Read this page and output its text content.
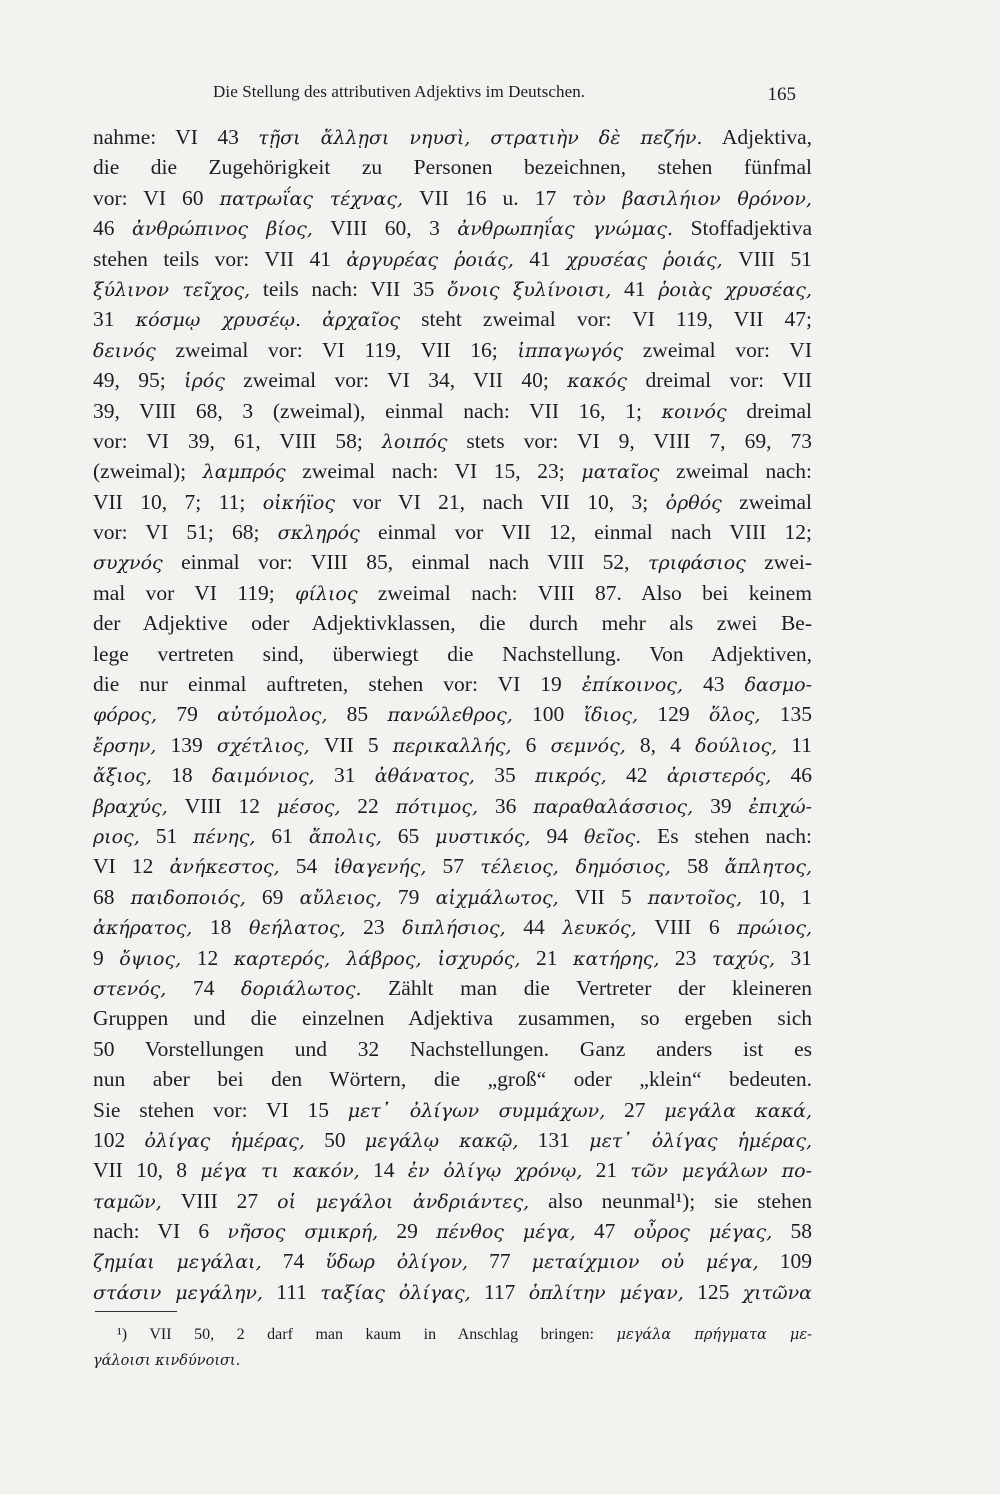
Die Stellung des attributiven Adjektivs im Deutschen.	165
nahme: VI 43 τῇσι ἄλλῃσι νηυσὶ, στρατιὴν δὲ πεζήν. Adjektiva,
die die Zugehörigkeit zu Personen bezeichnen, stehen fünfmal
vor: VI 60 πατρωΐας τέχνας, VII 16 u. 17 τὸν βασιλήιον θρόνον,
46 ἀνθρώπινος βίος, VIII 60, 3 ἀνθρωπηΐας γνώμας. Stoffadjektiva
stehen teils vor: VII 41 ἀργυρέας ῥοιάς, 41 χρυσέας ῥοιάς, VIII 51
ξύλινον τεῖχος, teils nach: VII 35 ὄνοις ξυλίνοισι, 41 ῥοιὰς χρυσέας,
31 κόσμῳ χρυσέῳ. ἀρχαῖος steht zweimal vor: VI 119, VII 47;
δεινός zweimal vor: VI 119, VII 16; ἱππαγωγός zweimal vor: VI
49, 95; ἱρός zweimal vor: VI 34, VII 40; κακός dreimal vor: VII
39, VIII 68, 3 (zweimal), einmal nach: VII 16, 1; κοινός dreimal
vor: VI 39, 61, VIII 58; λοιπός stets vor: VI 9, VIII 7, 69, 73
(zweimal); λαμπρός zweimal nach: VI 15, 23; ματαῖος zweimal nach:
VII 10, 7; 11; οἰκήϊος vor VI 21, nach VII 10, 3; ὀρθός zweimal
vor: VI 51; 68; σκληρός einmal vor VII 12, einmal nach VIII 12;
συχνός einmal vor: VIII 85, einmal nach VIII 52, τριφάσιος zwei-
mal vor VI 119; φίλιος zweimal nach: VIII 87. Also bei keinem
der Adjektive oder Adjektivklassen, die durch mehr als zwei Be-
lege vertreten sind, überwiegt die Nachstellung. Von Adjektiven,
die nur einmal auftreten, stehen vor: VI 19 ἐπίκοινος, 43 δασμο-
φόρος, 79 αὐτόμολος, 85 πανώλεθρος, 100 ἴδιος, 129 ὅλος, 135
ἔρσην, 139 σχέτλιος, VII 5 περικαλλής, 6 σεμνός, 8, 4 δούλιος, 11
ἄξιος, 18 δαιμόνιος, 31 ἀθάνατος, 35 πικρός, 42 ἀριστερός, 46
βραχύς, VIII 12 μέσος, 22 πότιμος, 36 παραθαλάσσιος, 39 ἐπιχώ-
ριος, 51 πένης, 61 ἄπολις, 65 μυστικός, 94 θεῖος. Es stehen nach:
VI 12 ἀνήκεστος, 54 ἰθαγενής, 57 τέλειος, δημόσιος, 58 ἄπλητος,
68 παιδοποιός, 69 αὔλειος, 79 αἰχμάλωτος, VII 5 παντοῖος, 10, 1
ἀκήρατος, 18 θεήλατος, 23 διπλήσιος, 44 λευκός, VIII 6 πρώιος,
9 ὄψιος, 12 καρτερός, λάβρος, ἰσχυρός, 21 κατήρης, 23 ταχύς, 31
στενός, 74 δοριάλωτος. Zählt man die Vertreter der kleineren
Gruppen und die einzelnen Adjektiva zusammen, so ergeben sich
50 Vorstellungen und 32 Nachstellungen. Ganz anders ist es
nun aber bei den Wörtern, die „groß“ oder „klein“ bedeuten.
Sie stehen vor: VI 15 μετ᾽ ὀλίγων συμμάχων, 27 μεγάλα κακά,
102 ὀλίγας ἡμέρας, 50 μεγάλῳ κακῷ, 131 μετ᾽ ὀλίγας ἡμέρας,
VII 10, 8 μέγα τι κακόν, 14 ἐν ὀλίγῳ χρόνῳ, 21 τῶν μεγάλων πο-
ταμῶν, VIII 27 οἱ μεγάλοι ἀνδριάντες, also neunmal¹); sie stehen
nach: VI 6 νῆσος σμικρή, 29 πένθος μέγα, 47 οὖρος μέγας, 58
ζημίαι μεγάλαι, 74 ὕδωρ ὀλίγον, 77 μεταίχμιον οὐ μέγα, 109
στάσιν μεγάλην, 111 ταξίας ὀλίγας, 117 ὁπλίτην μέγαν, 125 χιτῶνα
¹) VII 50, 2 darf man kaum in Anschlag bringen: μεγάλα πρήγματα με-
γάλοισι κινδύνοισι.
